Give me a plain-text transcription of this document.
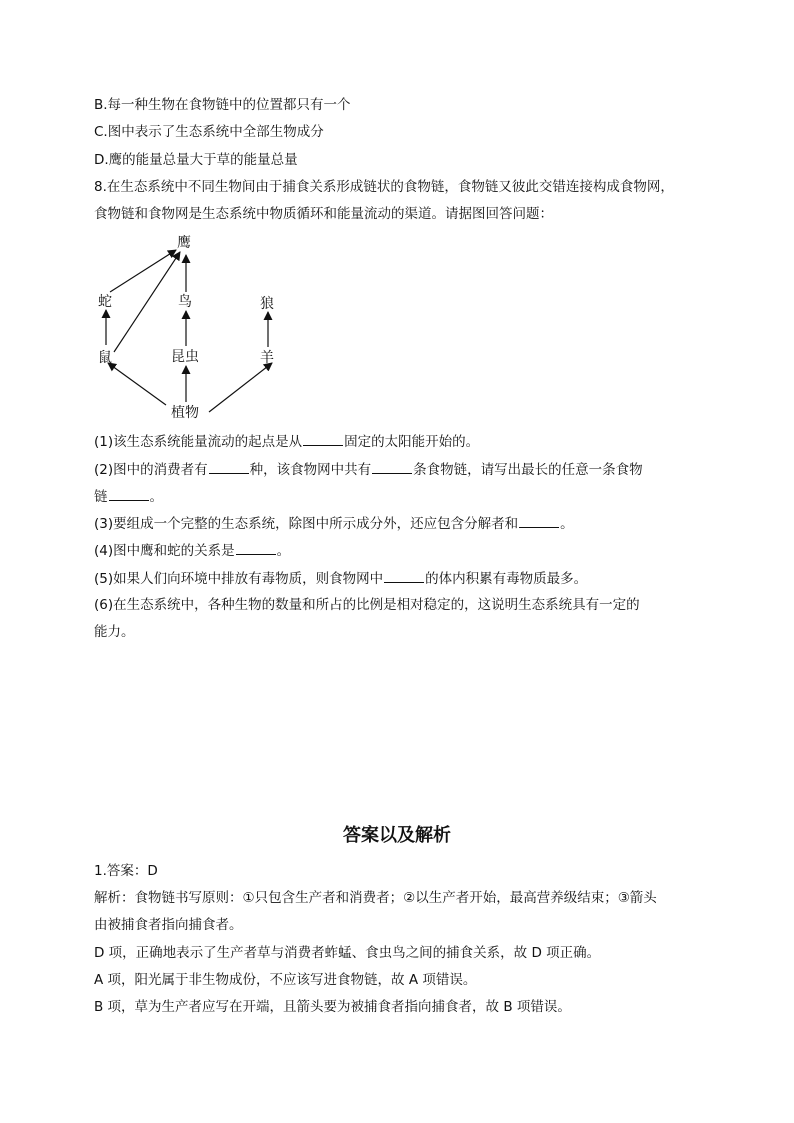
B.每一种生物在食物链中的位置都只有一个
C.图中表示了生态系统中全部生物成分
D.鹰的能量总量大于草的能量总量
8.在生态系统中不同生物间由于捕食关系形成链状的食物链，食物链又彼此交错连接构成食物网，
食物链和食物网是生态系统中物质循环和能量流动的渠道。请据图回答问题：
鹰
蛇	鸟	狼
鼠	昆虫	羊
植物
(1)该生态系统能量流动的起点是从	固定的太阳能开始的。
(2)图中的消费者有	种，该食物网中共有	条食物链，请写出最长的任意一条食物
链	。
(3)要组成一个完整的生态系统，除图中所示成分外，还应包含分解者和	。
(4)图中鹰和蛇的关系是	。
(5)如果人们向环境中排放有毒物质，则食物网中	的体内积累有毒物质最多。
(6)在生态系统中，各种生物的数量和所占的比例是相对稳定的，这说明生态系统具有一定的
能力。
答案以及解析
1.答案：D
解析：食物链书写原则：①只包含生产者和消费者；②以生产者开始，最高营养级结束；③箭头
由被捕食者指向捕食者。
D 项，正确地表示了生产者草与消费者蚱蜢、食虫鸟之间的捕食关系，故 D 项正确。
A 项，阳光属于非生物成份，不应该写进食物链，故 A 项错误。
B 项，草为生产者应写在开端，且箭头要为被捕食者指向捕食者，故 B 项错误。
